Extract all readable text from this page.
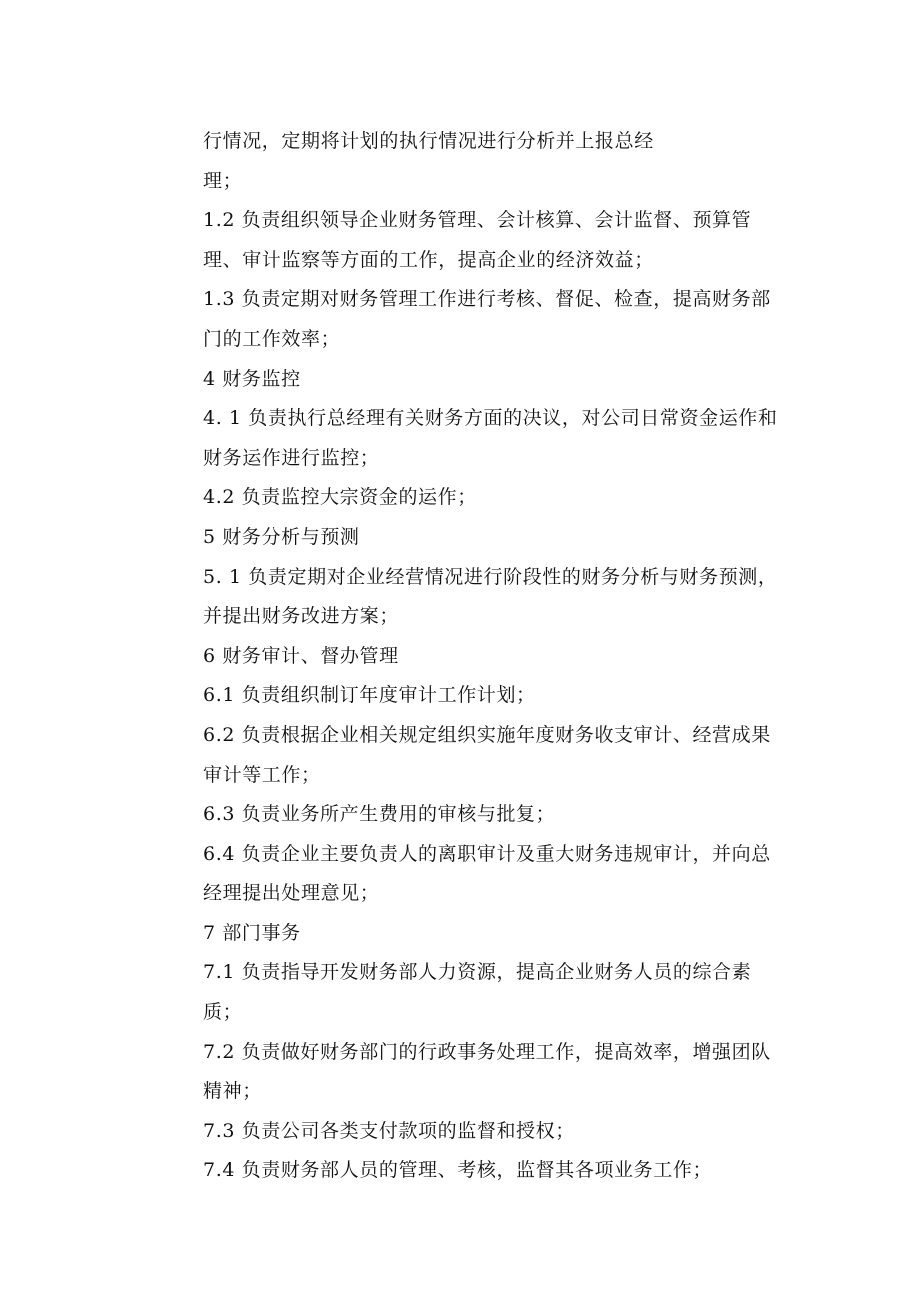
行情况，定期将计划的执行情况进行分析并上报总经
理；
1.2 负责组织领导企业财务管理、会计核算、会计监督、预算管
理、审计监察等方面的工作，提高企业的经济效益；
1.3 负责定期对财务管理工作进行考核、督促、检查，提高财务部
门的工作效率；
4 财务监控
4. 1 负责执行总经理有关财务方面的决议，对公司日常资金运作和
财务运作进行监控；
4.2 负责监控大宗资金的运作；
5 财务分析与预测
5. 1 负责定期对企业经营情况进行阶段性的财务分析与财务预测，
并提出财务改进方案；
6 财务审计、督办管理
6.1 负责组织制订年度审计工作计划；
6.2 负责根据企业相关规定组织实施年度财务收支审计、经营成果
审计等工作；
6.3 负责业务所产生费用的审核与批复；
6.4 负责企业主要负责人的离职审计及重大财务违规审计，并向总
经理提出处理意见；
7 部门事务
7.1 负责指导开发财务部人力资源，提高企业财务人员的综合素
质；
7.2 负责做好财务部门的行政事务处理工作，提高效率，增强团队
精神；
7.3 负责公司各类支付款项的监督和授权；
7.4 负责财务部人员的管理、考核，监督其各项业务工作；
